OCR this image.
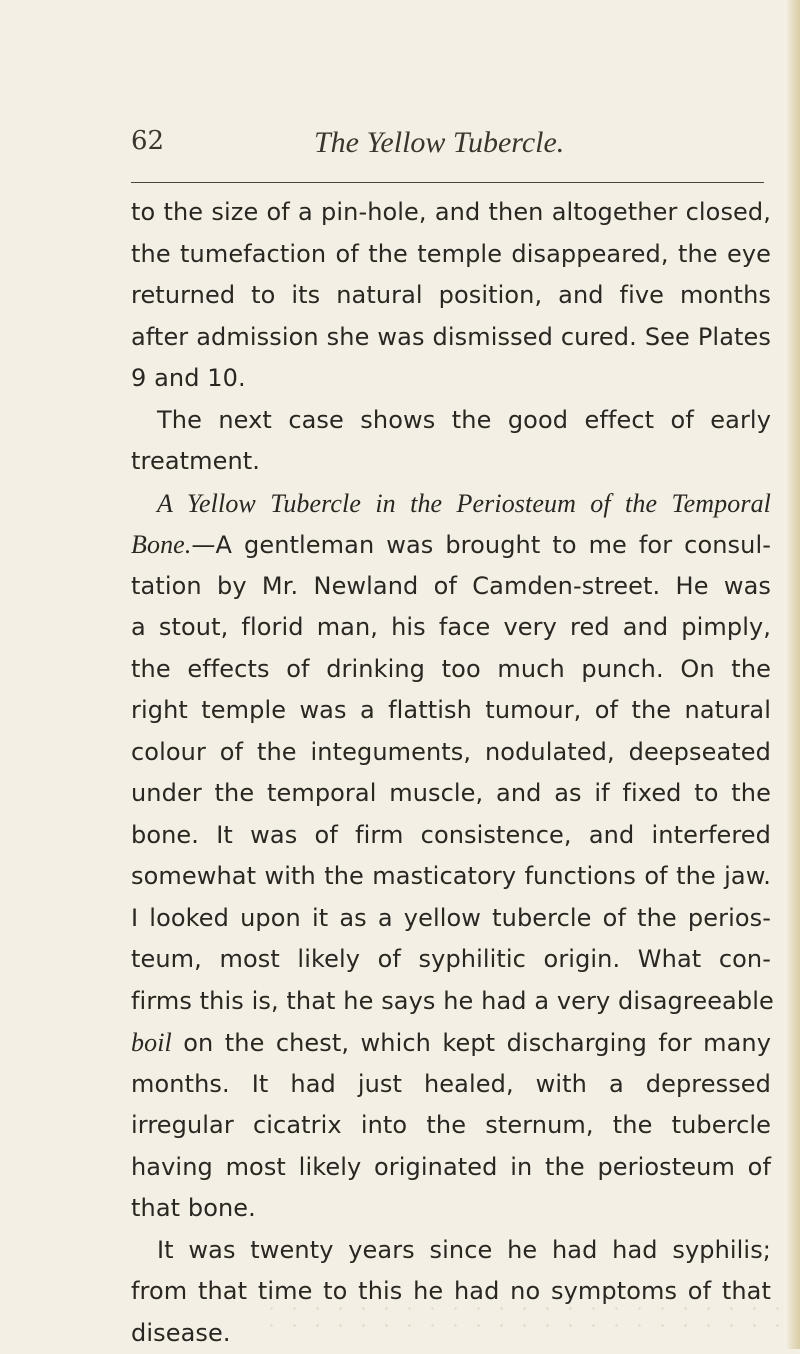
62	The Yellow Tubercle.
to the size of a pin-hole, and then altogether closed,
the tumefaction of the temple disappeared, the eye
returned to its natural position, and five months
after admission she was dismissed cured. See Plates
9 and 10.
The next case shows the good effect of early
treatment.
A Yellow Tubercle in the Periosteum of the Temporal
Bone.—A gentleman was brought to me for consul-
tation by Mr. Newland of Camden-street. He was
a stout, florid man, his face very red and pimply,
the effects of drinking too much punch. On the
right temple was a flattish tumour, of the natural
colour of the integuments, nodulated, deepseated
under the temporal muscle, and as if fixed to the
bone. It was of firm consistence, and interfered
somewhat with the masticatory functions of the jaw.
I looked upon it as a yellow tubercle of the perios-
teum, most likely of syphilitic origin. What con-
firms this is, that he says he had a very disagreeable
boil on the chest, which kept discharging for many
months. It had just healed, with a depressed
irregular cicatrix into the sternum, the tubercle
having most likely originated in the periosteum of
that bone.
It was twenty years since he had had syphilis;
from that time to this he had no symptoms of that
disease.
